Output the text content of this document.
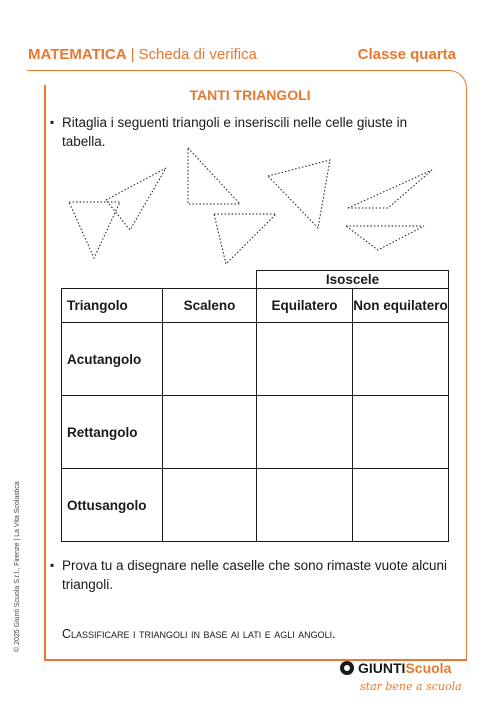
MATEMATICA | Scheda di verifica	Classe quarta
TANTI TRIANGOLI
▪ Ritaglia i seguenti triangoli e inseriscili nelle celle giuste in tabella.
		Isoscele	
Triangolo	Scaleno	Equilatero	Non equilatero
Acutangolo			
Rettangolo			
Ottusangolo			
▪ Prova tu a disegnare nelle caselle che sono rimaste vuote alcuni triangoli.
Classificare i triangoli in base ai lati e agli angoli.
© 2025 Giunti Scuola S.r.l., Firenze | La Vita Scolastica
GIUNTIScuola
star bene a scuola
